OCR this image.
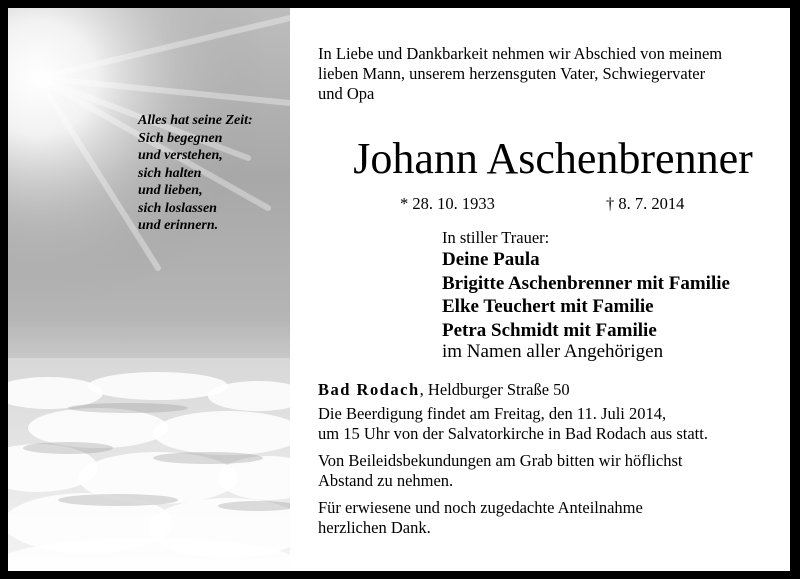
Alles hat seine Zeit:
Sich begegnen
und verstehen,
sich halten
und lieben,
sich loslassen
und erinnern.
In Liebe und Dankbarkeit nehmen wir Abschied von meinem
lieben Mann, unserem herzensguten Vater, Schwiegervater
und Opa
Johann Aschenbrenner
* 28. 10. 1933	† 8. 7. 2014
In stiller Trauer:
Deine Paula
Brigitte Aschenbrenner mit Familie
Elke Teuchert mit Familie
Petra Schmidt mit Familie
im Namen aller Angehörigen
Bad Rodach, Heldburger Straße 50
Die Beerdigung findet am Freitag, den 11. Juli 2014,
um 15 Uhr von der Salvatorkirche in Bad Rodach aus statt.
Von Beileidsbekundungen am Grab bitten wir höflichst
Abstand zu nehmen.
Für erwiesene und noch zugedachte Anteilnahme
herzlichen Dank.
